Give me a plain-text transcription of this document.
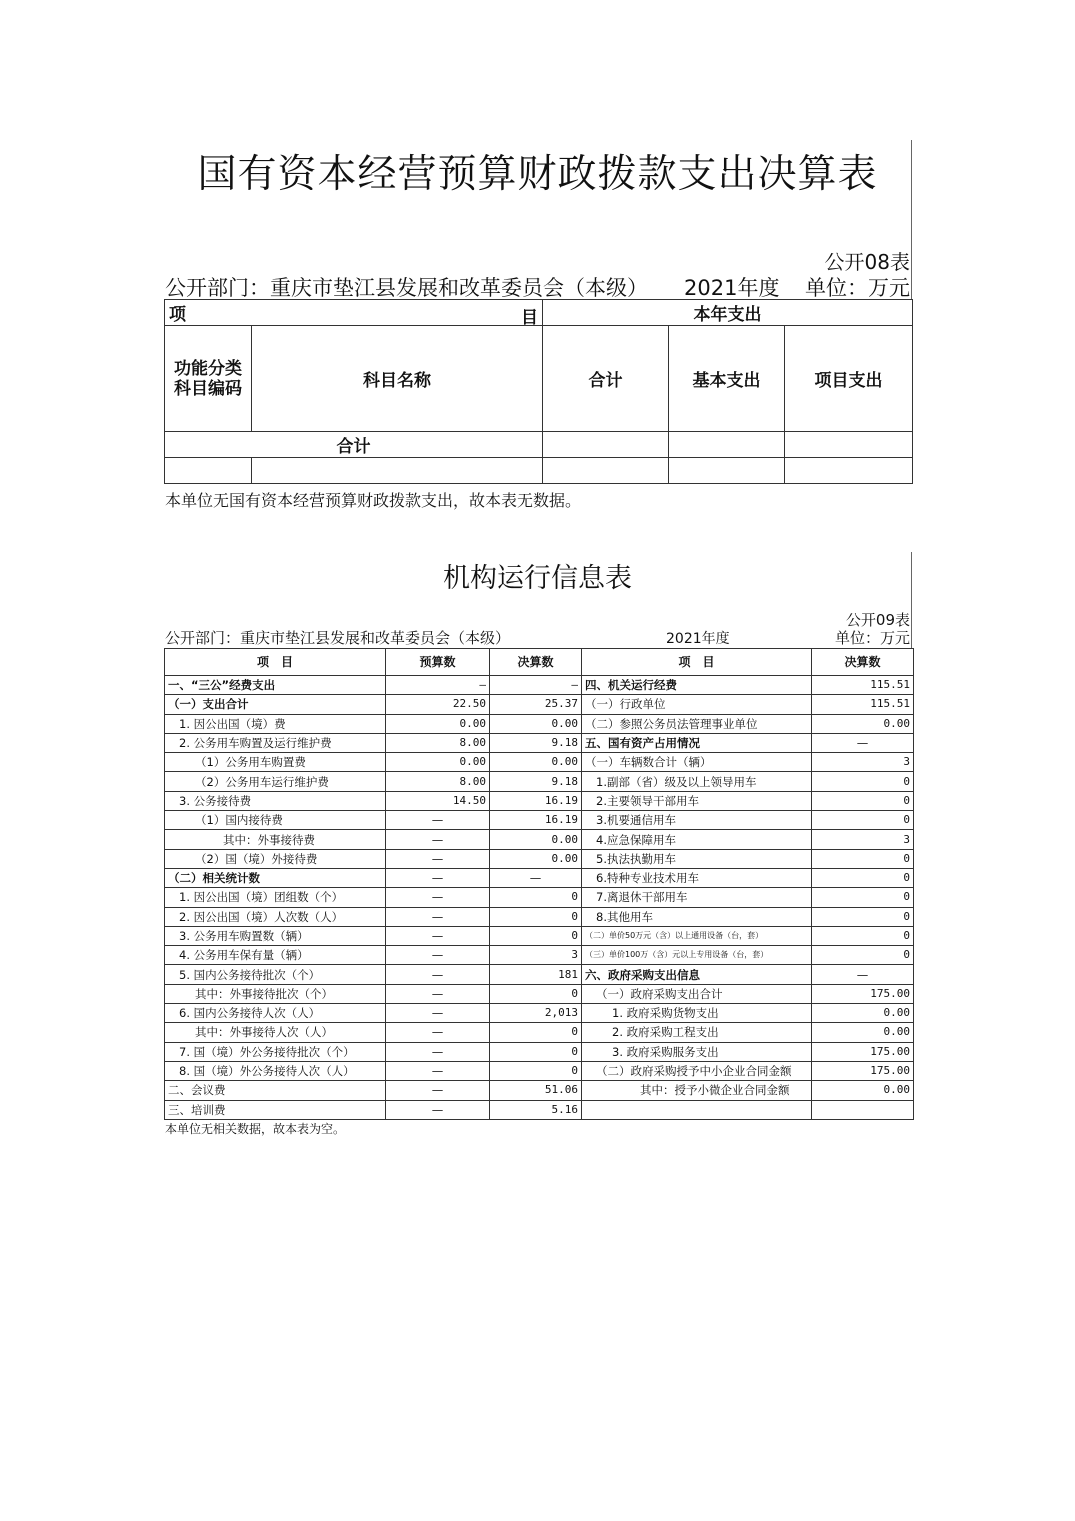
国有资本经营预算财政拨款支出决算表
公开08表
公开部门：重庆市垫江县发展和改革委员会（本级） 2021年度 单位：万元
项 目		本年支出		
功能分类科目编码	科目名称	合计	基本支出	项目支出
合计				

本单位无国有资本经营预算财政拨款支出，故本表无数据。
机构运行信息表
公开09表
公开部门：重庆市垫江县发展和改革委员会（本级）	2021年度	单位：万元
项　目	预算数	决算数	项　目	决算数
一、“三公”经费支出	—	—	四、机关运行经费	115.51
（一）支出合计	22.50	25.37	（一）行政单位	115.51
1. 因公出国（境）费	0.00	0.00	（二）参照公务员法管理事业单位	0.00
2. 公务用车购置及运行维护费	8.00	9.18	五、国有资产占用情况	—
（1）公务用车购置费	0.00	0.00	（一）车辆数合计（辆）	3
（2）公务用车运行维护费	8.00	9.18	1.副部（省）级及以上领导用车	0
3. 公务接待费	14.50	16.19	2.主要领导干部用车	0
（1）国内接待费	—	16.19	3.机要通信用车	0
其中：外事接待费	—	0.00	4.应急保障用车	3
（2）国（境）外接待费	—	0.00	5.执法执勤用车	0
（二）相关统计数	—	—	6.特种专业技术用车	0
1. 因公出国（境）团组数（个）	—	0	7.离退休干部用车	0
2. 因公出国（境）人次数（人）	—	0	8.其他用车	0
3. 公务用车购置数（辆）	—	0	（二）单价50万元（含）以上通用设备（台，套）	0
4. 公务用车保有量（辆）	—	3	（三）单价100万（含）元以上专用设备（台，套）	0
5. 国内公务接待批次（个）	—	181	六、政府采购支出信息	—
其中：外事接待批次（个）	—	0	（一）政府采购支出合计	175.00
6. 国内公务接待人次（人）	—	2,013	1. 政府采购货物支出	0.00
其中：外事接待人次（人）	—	0	2. 政府采购工程支出	0.00
7. 国（境）外公务接待批次（个）	—	0	3. 政府采购服务支出	175.00
8. 国（境）外公务接待人次（人）	—	0	（二）政府采购授予中小企业合同金额	175.00
二、会议费	—	51.06	其中：授予小微企业合同金额	0.00
三、培训费	—	5.16		
本单位无相关数据，故本表为空。
